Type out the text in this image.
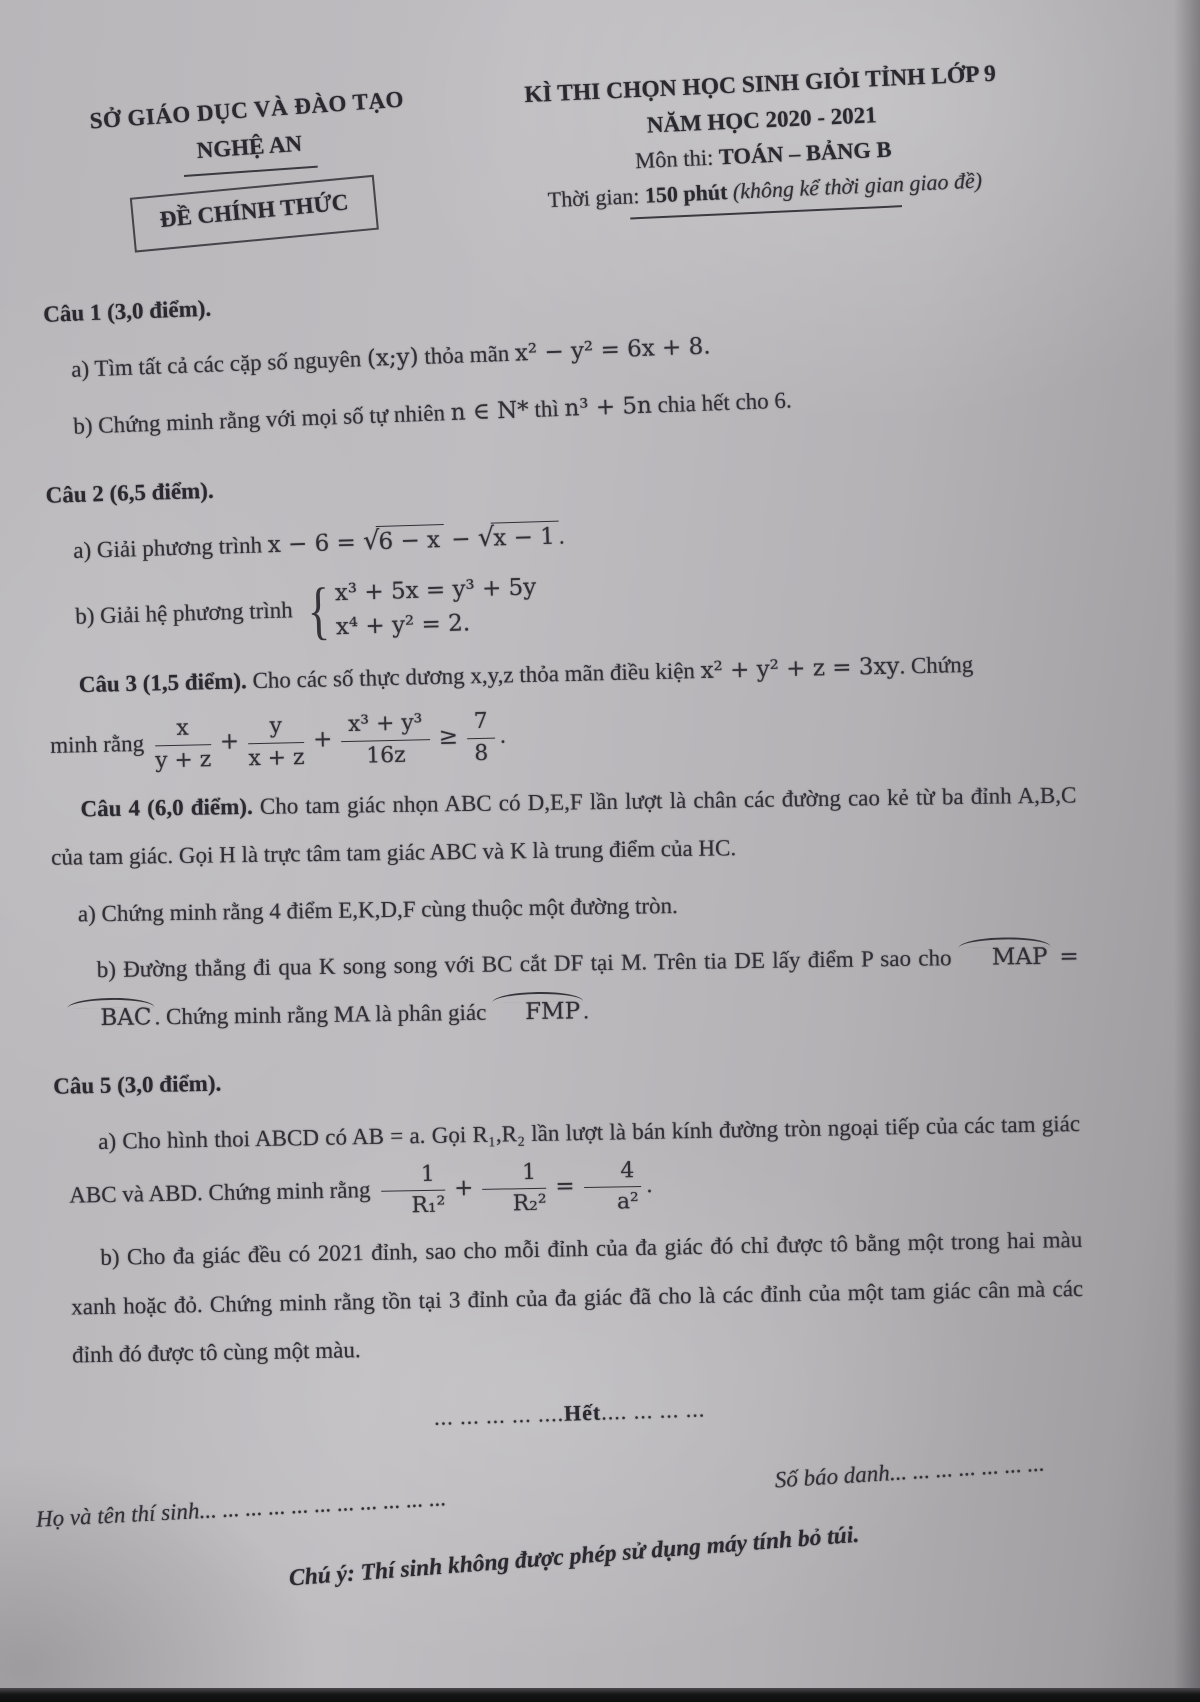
SỞ GIÁO DỤC VÀ ĐÀO TẠO
NGHỆ AN
ĐỀ CHÍNH THỨC
KÌ THI CHỌN HỌC SINH GIỎI TỈNH LỚP 9
NĂM HỌC 2020 - 2021
Môn thi: TOÁN – BẢNG B
Thời gian: 150 phút (không kể thời gian giao đề)

Câu 1 (3,0 điểm).

a) Tìm tất cả các cặp số nguyên (x;y) thỏa mãn x² − y² = 6x + 8.

b) Chứng minh rằng với mọi số tự nhiên n ∈ N* thì n³ + 5n chia hết cho 6.

Câu 2 (6,5 điểm).

a) Giải phương trình x − 6 = √6 − x − √x − 1 .

b) Giải hệ phương trình { x³ + 5x = y³ + 5y
x⁴ + y² = 2.

Câu 3 (1,5 điểm). Cho các số thực dương x,y,z thỏa mãn điều kiện x² + y² + z = 3xy. Chứng

minh rằng $\frac{x}{y + z} + \frac{y}{x + z} + \frac{\text{x³ + y³}}{16z} \ge \frac{7}{8}$ .

Câu 4 (6,0 điểm). Cho tam giác nhọn ABC có D,E,F lần lượt là chân các đường cao kẻ từ ba đỉnh A,B,C của tam giác. Gọi H là trực tâm tam giác ABC và K là trung điểm của HC.

a) Chứng minh rằng 4 điểm E,K,D,F cùng thuộc một đường tròn.

b) Đường thẳng đi qua K song song với BC cắt DF tại M. Trên tia DE lấy điểm P sao cho MAP = BAC . Chứng minh rằng MA là phân giác FMP .

Câu 5 (3,0 điểm).

a) Cho hình thoi ABCD có AB = a. Gọi R₁,R₂ lần lượt là bán kính đường tròn ngoại tiếp của các tam giác ABC và ABD. Chứng minh rằng $\frac{1}{\text{R₁²}} + \frac{1}{\text{R₂²}} = \frac{4}{\text{a²}}$ .

b) Cho đa giác đều có 2021 đỉnh, sao cho mỗi đỉnh của đa giác đó chỉ được tô bằng một trong hai màu xanh hoặc đỏ. Chứng minh rằng tồn tại 3 đỉnh của đa giác đã cho là các đỉnh của một tam giác cân mà các đỉnh đó được tô cùng một màu.

... ... ... ... ....Hết.... ... ... ...
Họ và tên thí sinh... ... ... ... ... ... ... ... ... ... ...
Số báo danh... ... ... ... ... ... ...
Chú ý: Thí sinh không được phép sử dụng máy tính bỏ túi.
